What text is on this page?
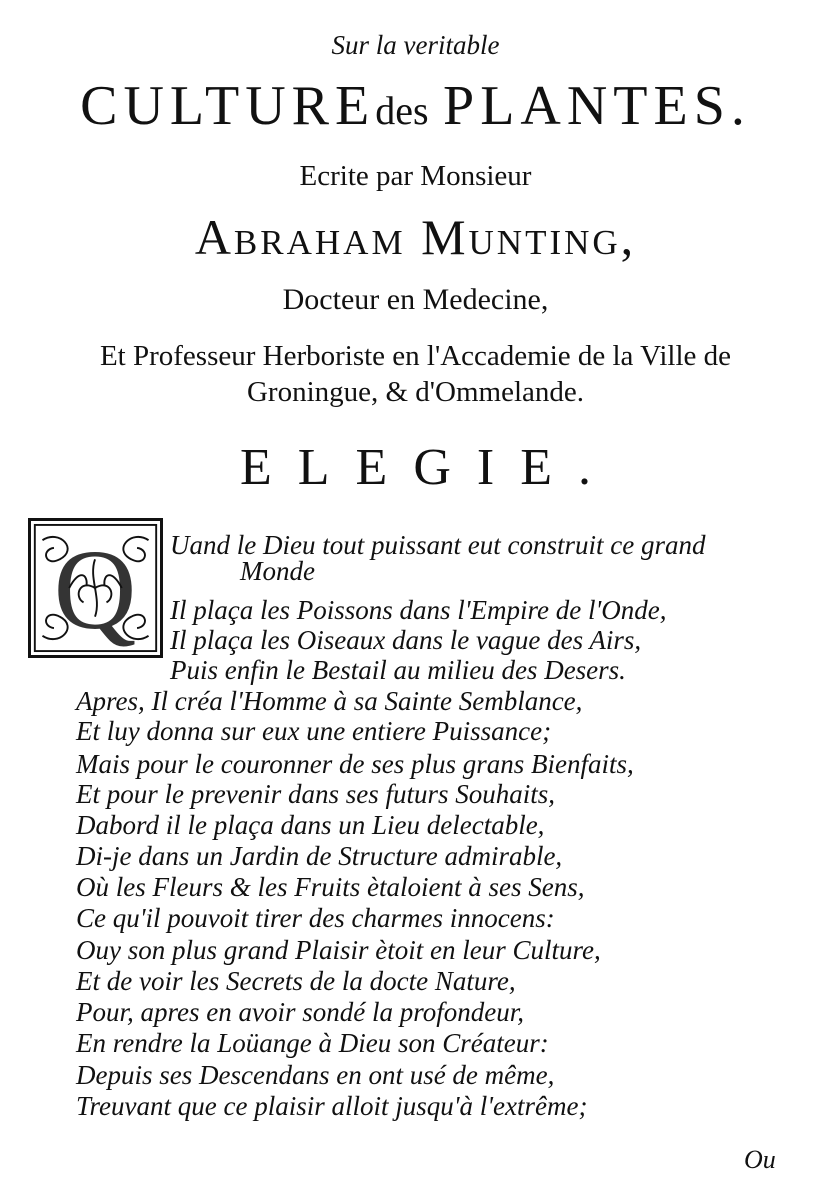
Sur la veritable
CULTUREdes PLANTES.
Ecrite par Monsieur
Abraham Munting,
Docteur en Medecine,
Et Professeur Herboriste en l'Accademie de la Ville de
Groningue, & d'Ommelande.
ELEGIE.
Q Uand le Dieu tout puissant eut construit ce grand
Monde
Il plaça les Poissons dans l'Empire de l'Onde,
Il plaça les Oiseaux dans le vague des Airs,
Puis enfin le Bestail au milieu des Desers.
Apres, Il créa l'Homme à sa Sainte Semblance,
Et luy donna sur eux une entiere Puissance;
Mais pour le couronner de ses plus grans Bienfaits,
Et pour le prevenir dans ses futurs Souhaits,
Dabord il le plaça dans un Lieu delectable,
Di-je dans un Jardin de Structure admirable,
Où les Fleurs & les Fruits ètaloient à ses Sens,
Ce qu'il pouvoit tirer des charmes innocens:
Ouy son plus grand Plaisir ètoit en leur Culture,
Et de voir les Secrets de la docte Nature,
Pour, apres en avoir sondé la profondeur,
En rendre la Loüange à Dieu son Créateur:
Depuis ses Descendans en ont usé de même,
Treuvant que ce plaisir alloit jusqu'à l'extrême;
Ou
